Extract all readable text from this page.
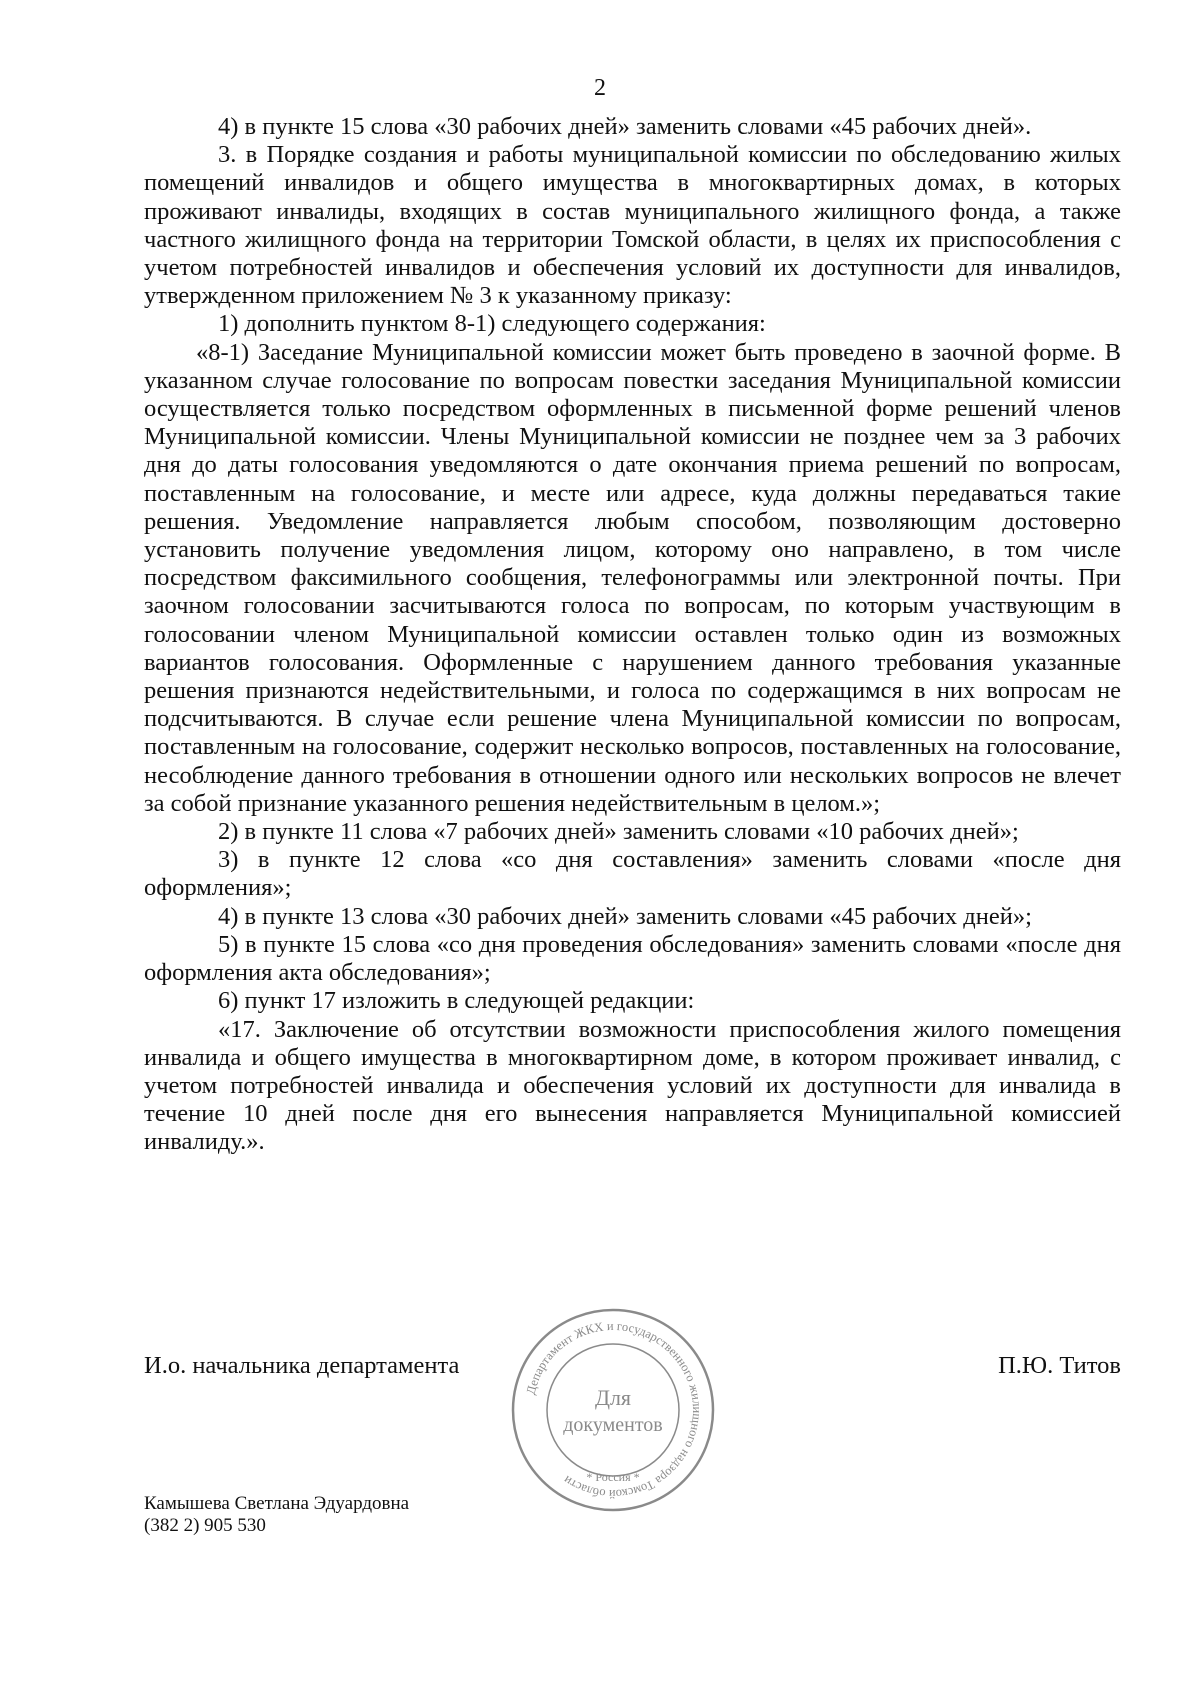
2

4) в пункте 15 слова «30 рабочих дней» заменить словами «45 рабочих дней».

3. в Порядке создания и работы муниципальной комиссии по обследованию жилых помещений инвалидов и общего имущества в многоквартирных домах, в которых проживают инвалиды, входящих в состав муниципального жилищного фонда, а также частного жилищного фонда на территории Томской области, в целях их приспособления с учетом потребностей инвалидов и обеспечения условий их доступности для инвалидов, утвержденном приложением № 3 к указанному приказу:

1) дополнить пунктом 8-1) следующего содержания:

«8-1) Заседание Муниципальной комиссии может быть проведено в заочной форме. В указанном случае голосование по вопросам повестки заседания Муниципальной комиссии осуществляется только посредством оформленных в письменной форме решений членов Муниципальной комиссии. Члены Муниципальной комиссии не позднее чем за 3 рабочих дня до даты голосования уведомляются о дате окончания приема решений по вопросам, поставленным на голосование, и месте или адресе, куда должны передаваться такие решения. Уведомление направляется любым способом, позволяющим достоверно установить получение уведомления лицом, которому оно направлено, в том числе посредством факсимильного сообщения, телефонограммы или электронной почты. При заочном голосовании засчитываются голоса по вопросам, по которым участвующим в голосовании членом Муниципальной комиссии оставлен только один из возможных вариантов голосования. Оформленные с нарушением данного требования указанные решения признаются недействительными, и голоса по содержащимся в них вопросам не подсчитываются. В случае если решение члена Муниципальной комиссии по вопросам, поставленным на голосование, содержит несколько вопросов, поставленных на голосование, несоблюдение данного требования в отношении одного или нескольких вопросов не влечет за собой признание указанного решения недействительным в целом.»;

2) в пункте 11 слова «7 рабочих дней» заменить словами «10 рабочих дней»;

3) в пункте 12 слова «со дня составления» заменить словами «после дня оформления»;

4) в пункте 13 слова «30 рабочих дней» заменить словами «45 рабочих дней»;

5) в пункте 15 слова «со дня проведения обследования» заменить словами «после дня оформления акта обследования»;

6) пункт 17 изложить в следующей редакции:

«17. Заключение об отсутствии возможности приспособления жилого помещения инвалида и общего имущества в многоквартирном доме, в котором проживает инвалид, с учетом потребностей инвалида и обеспечения условий их доступности для инвалида в течение 10 дней после дня его вынесения направляется Муниципальной комиссией инвалиду.».

И.о. начальника департамента	П.Ю. Титов
Департамент ЖКХ и государственного жилищного надзора Томской области
Для
документов
* Россия *
Камышева Светлана Эдуардовна
(382 2) 905 530
